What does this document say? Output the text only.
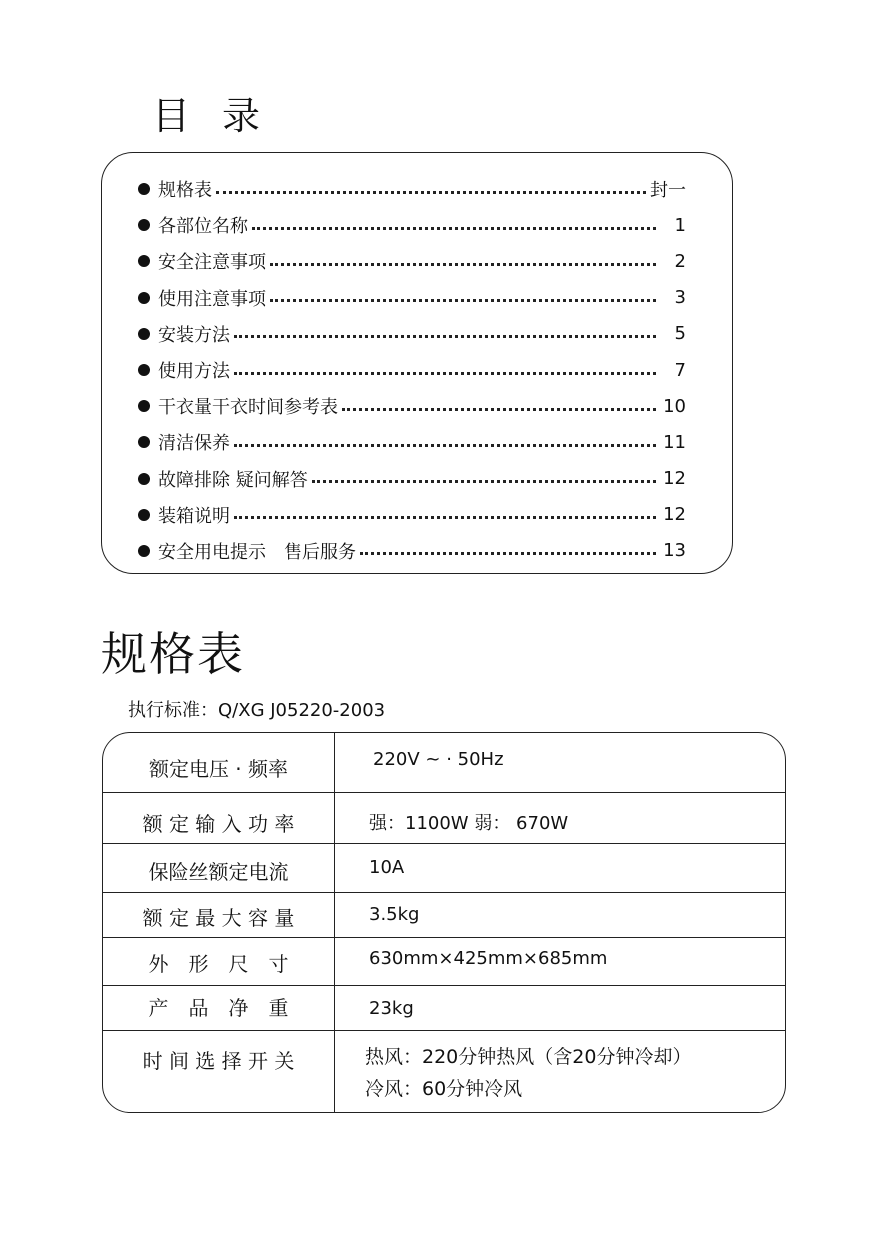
目录
规格表	封一
各部位名称	1
安全注意事项	2
使用注意事项	3
安装方法	5
使用方法	7
干衣量干衣时间参考表	10
清洁保养	11
故障排除 疑问解答	12
装箱说明	12
安全用电提示　售后服务	13
规格表
执行标准：Q/XG J05220-2003
额定电压 · 频率	220V ~ · 50Hz
额 定 输 入 功 率	强：1100W 弱： 670W
保险丝额定电流	10A
额 定 最 大 容 量	3.5kg
外　形　尺　寸	630mm×425mm×685mm
产　品　净　重	23kg
时 间 选 择 开 关	热风：220分钟热风（含20分钟冷却）
冷风：60分钟冷风
